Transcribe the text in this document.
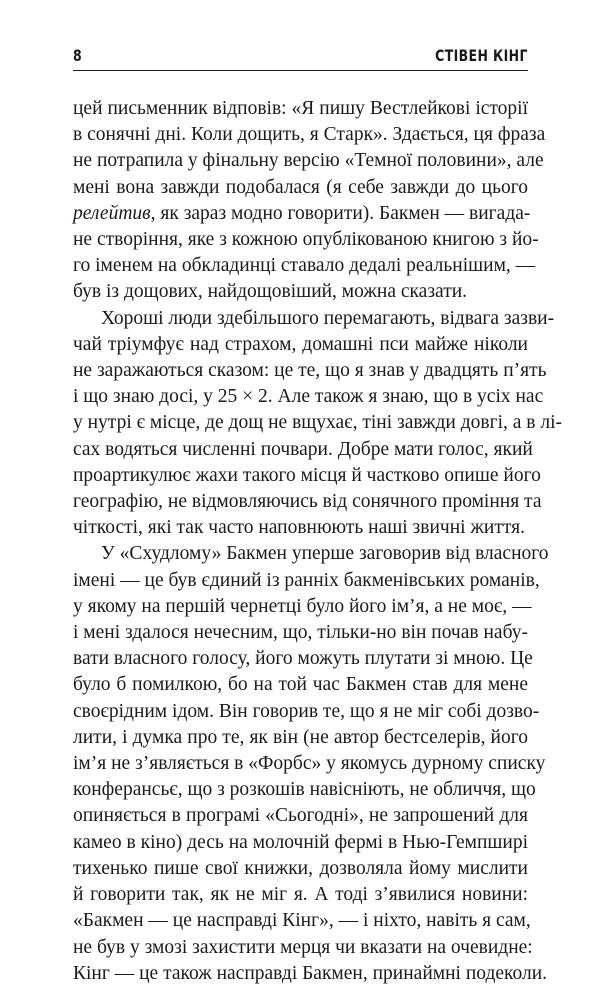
8	СТІВЕН КІНГ
цей письменник відповів: «Я пишу Вестлейкові історії
в сонячні дні. Коли дощить, я Старк». Здається, ця фраза
не потрапила у фінальну версію «Темної половини», але
мені вона завжди подобалася (я себе завжди до цього
релейтив, як зараз модно говорити). Бакмен — вигада-
не створіння, яке з кожною опублікованою книгою з йо-
го іменем на обкладинці ставало дедалі реальнішим, —
був із дощових, найдощовіший, можна сказати.
Хороші люди здебільшого перемагають, відвага зазви-
чай тріумфує над страхом, домашні пси майже ніколи
не заражаються сказом: це те, що я знав у двадцять п’ять
і що знаю досі, у 25 × 2. Але також я знаю, що в усіх нас
у нутрі є місце, де дощ не вщухає, тіні завжди довгі, а в лі-
сах водяться численні почвари. Добре мати голос, який
проартикулює жахи такого місця й частково опише його
географію, не відмовляючись від сонячного проміння та
чіткості, які так часто наповнюють наші звичні життя.
У «Схудлому» Бакмен уперше заговорив від власного
імені — це був єдиний із ранніх бакменівських романів,
у якому на першій чернетці було його ім’я, а не моє, —
і мені здалося нечесним, що, тільки-но він почав набу-
вати власного голосу, його можуть плутати зі мною. Це
було б помилкою, бо на той час Бакмен став для мене
своєрідним ідом. Він говорив те, що я не міг собі дозво-
лити, і думка про те, як він (не автор бестселерів, його
ім’я не з’являється в «Форбс» у якомусь дурному списку
конферансьє, що з розкошів навісніють, не обличчя, що
опиняється в програмі «Сьогодні», не запрошений для
камео в кіно) десь на молочній фермі в Нью-Гемпширі
тихенько пише свої книжки, дозволяла йому мислити
й говорити так, як не міг я. А тоді з’явилися новини:
«Бакмен — це насправді Кінг», — і ніхто, навіть я сам,
не був у змозі захистити мерця чи вказати на очевидне:
Кінг — це також насправді Бакмен, принаймні подеколи.
